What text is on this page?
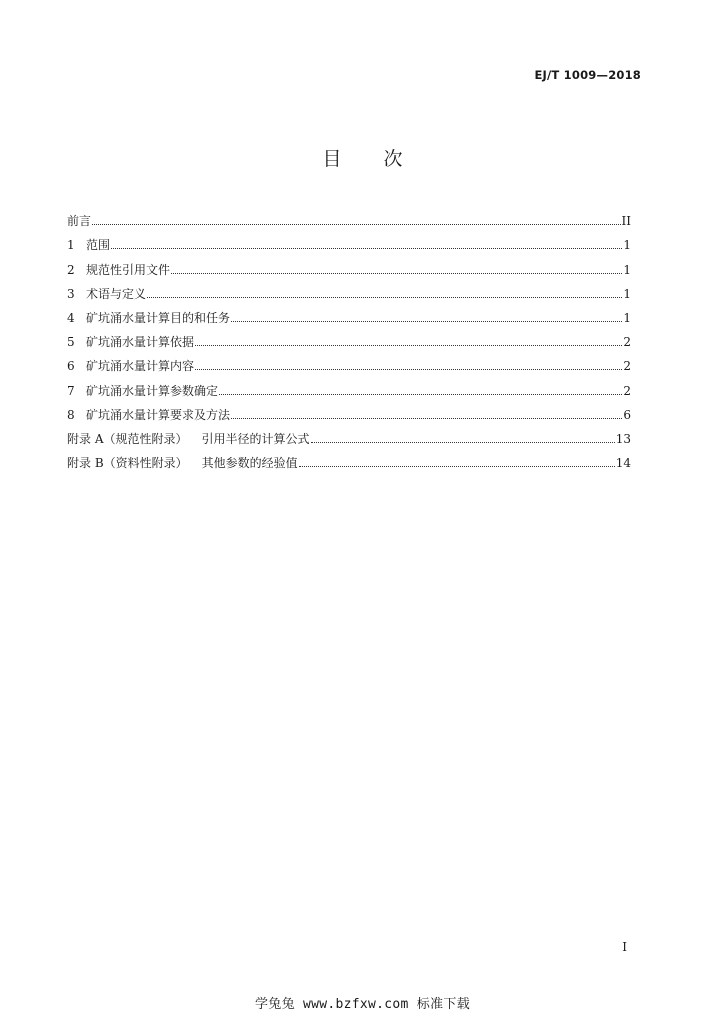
EJ/T 1009—2018
目次
前言	II
1 范围	1
2 规范性引用文件	1
3 术语与定义	1
4 矿坑涌水量计算目的和任务	1
5 矿坑涌水量计算依据	2
6 矿坑涌水量计算内容	2
7 矿坑涌水量计算参数确定	2
8 矿坑涌水量计算要求及方法	6
附录 A（规范性附录） 引用半径的计算公式	13
附录 B（资料性附录） 其他参数的经验值	14
I
学兔兔 www.bzfxw.com 标准下载
